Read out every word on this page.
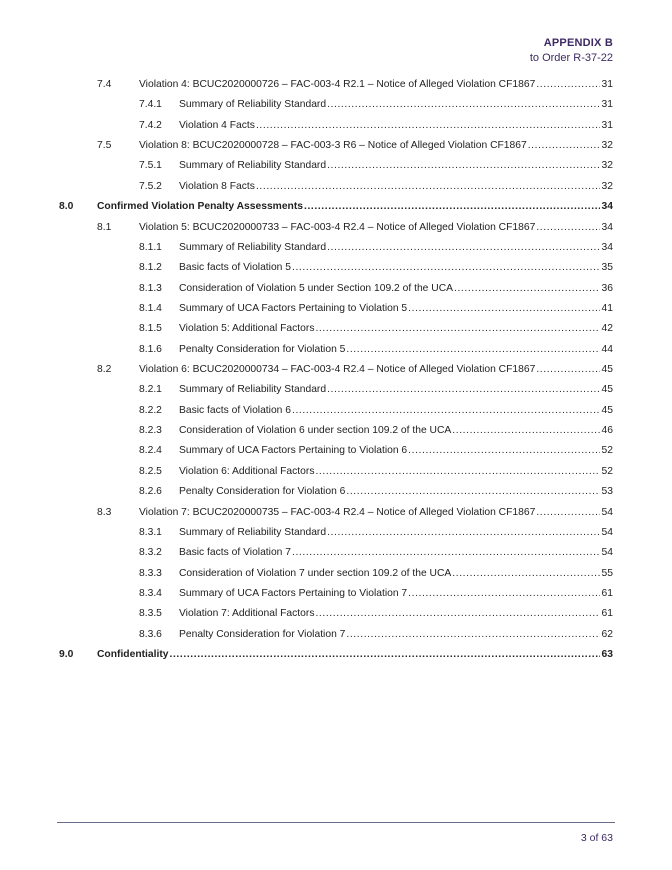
APPENDIX B
to Order R-37-22
7.4	Violation 4: BCUC2020000726 – FAC-003-4 R2.1 – Notice of Alleged Violation CF1867 .....	31
7.4.1 Summary of Reliability Standard .....	31
7.4.2 Violation 4 Facts .....	31
7.5	Violation 8: BCUC2020000728 – FAC-003-3 R6 – Notice of Alleged Violation CF1867 .....	32
7.5.1 Summary of Reliability Standard .....	32
7.5.2 Violation 8 Facts .....	32
8.0 Confirmed Violation Penalty Assessments .....	34
8.1	Violation 5: BCUC2020000733 – FAC-003-4 R2.4 – Notice of Alleged Violation CF1867 .....	34
8.1.1 Summary of Reliability Standard .....	34
8.1.2 Basic facts of Violation 5 .....	35
8.1.3 Consideration of Violation 5 under Section 109.2 of the UCA .....	36
8.1.4 Summary of UCA Factors Pertaining to Violation 5 .....	41
8.1.5 Violation 5: Additional Factors .....	42
8.1.6 Penalty Consideration for Violation 5 .....	44
8.2	Violation 6: BCUC2020000734 – FAC-003-4 R2.4 – Notice of Alleged Violation CF1867 .....	45
8.2.1 Summary of Reliability Standard .....	45
8.2.2 Basic facts of Violation 6 .....	45
8.2.3 Consideration of Violation 6 under section 109.2 of the UCA .....	46
8.2.4 Summary of UCA Factors Pertaining to Violation 6 .....	52
8.2.5 Violation 6: Additional Factors .....	52
8.2.6 Penalty Consideration for Violation 6 .....	53
8.3	Violation 7: BCUC2020000735 – FAC-003-4 R2.4 – Notice of Alleged Violation CF1867 .....	54
8.3.1 Summary of Reliability Standard .....	54
8.3.2 Basic facts of Violation 7 .....	54
8.3.3 Consideration of Violation 7 under section 109.2 of the UCA .....	55
8.3.4 Summary of UCA Factors Pertaining to Violation 7 .....	61
8.3.5 Violation 7: Additional Factors .....	61
8.3.6 Penalty Consideration for Violation 7 .....	62
9.0 Confidentiality .....	63
3 of 63
